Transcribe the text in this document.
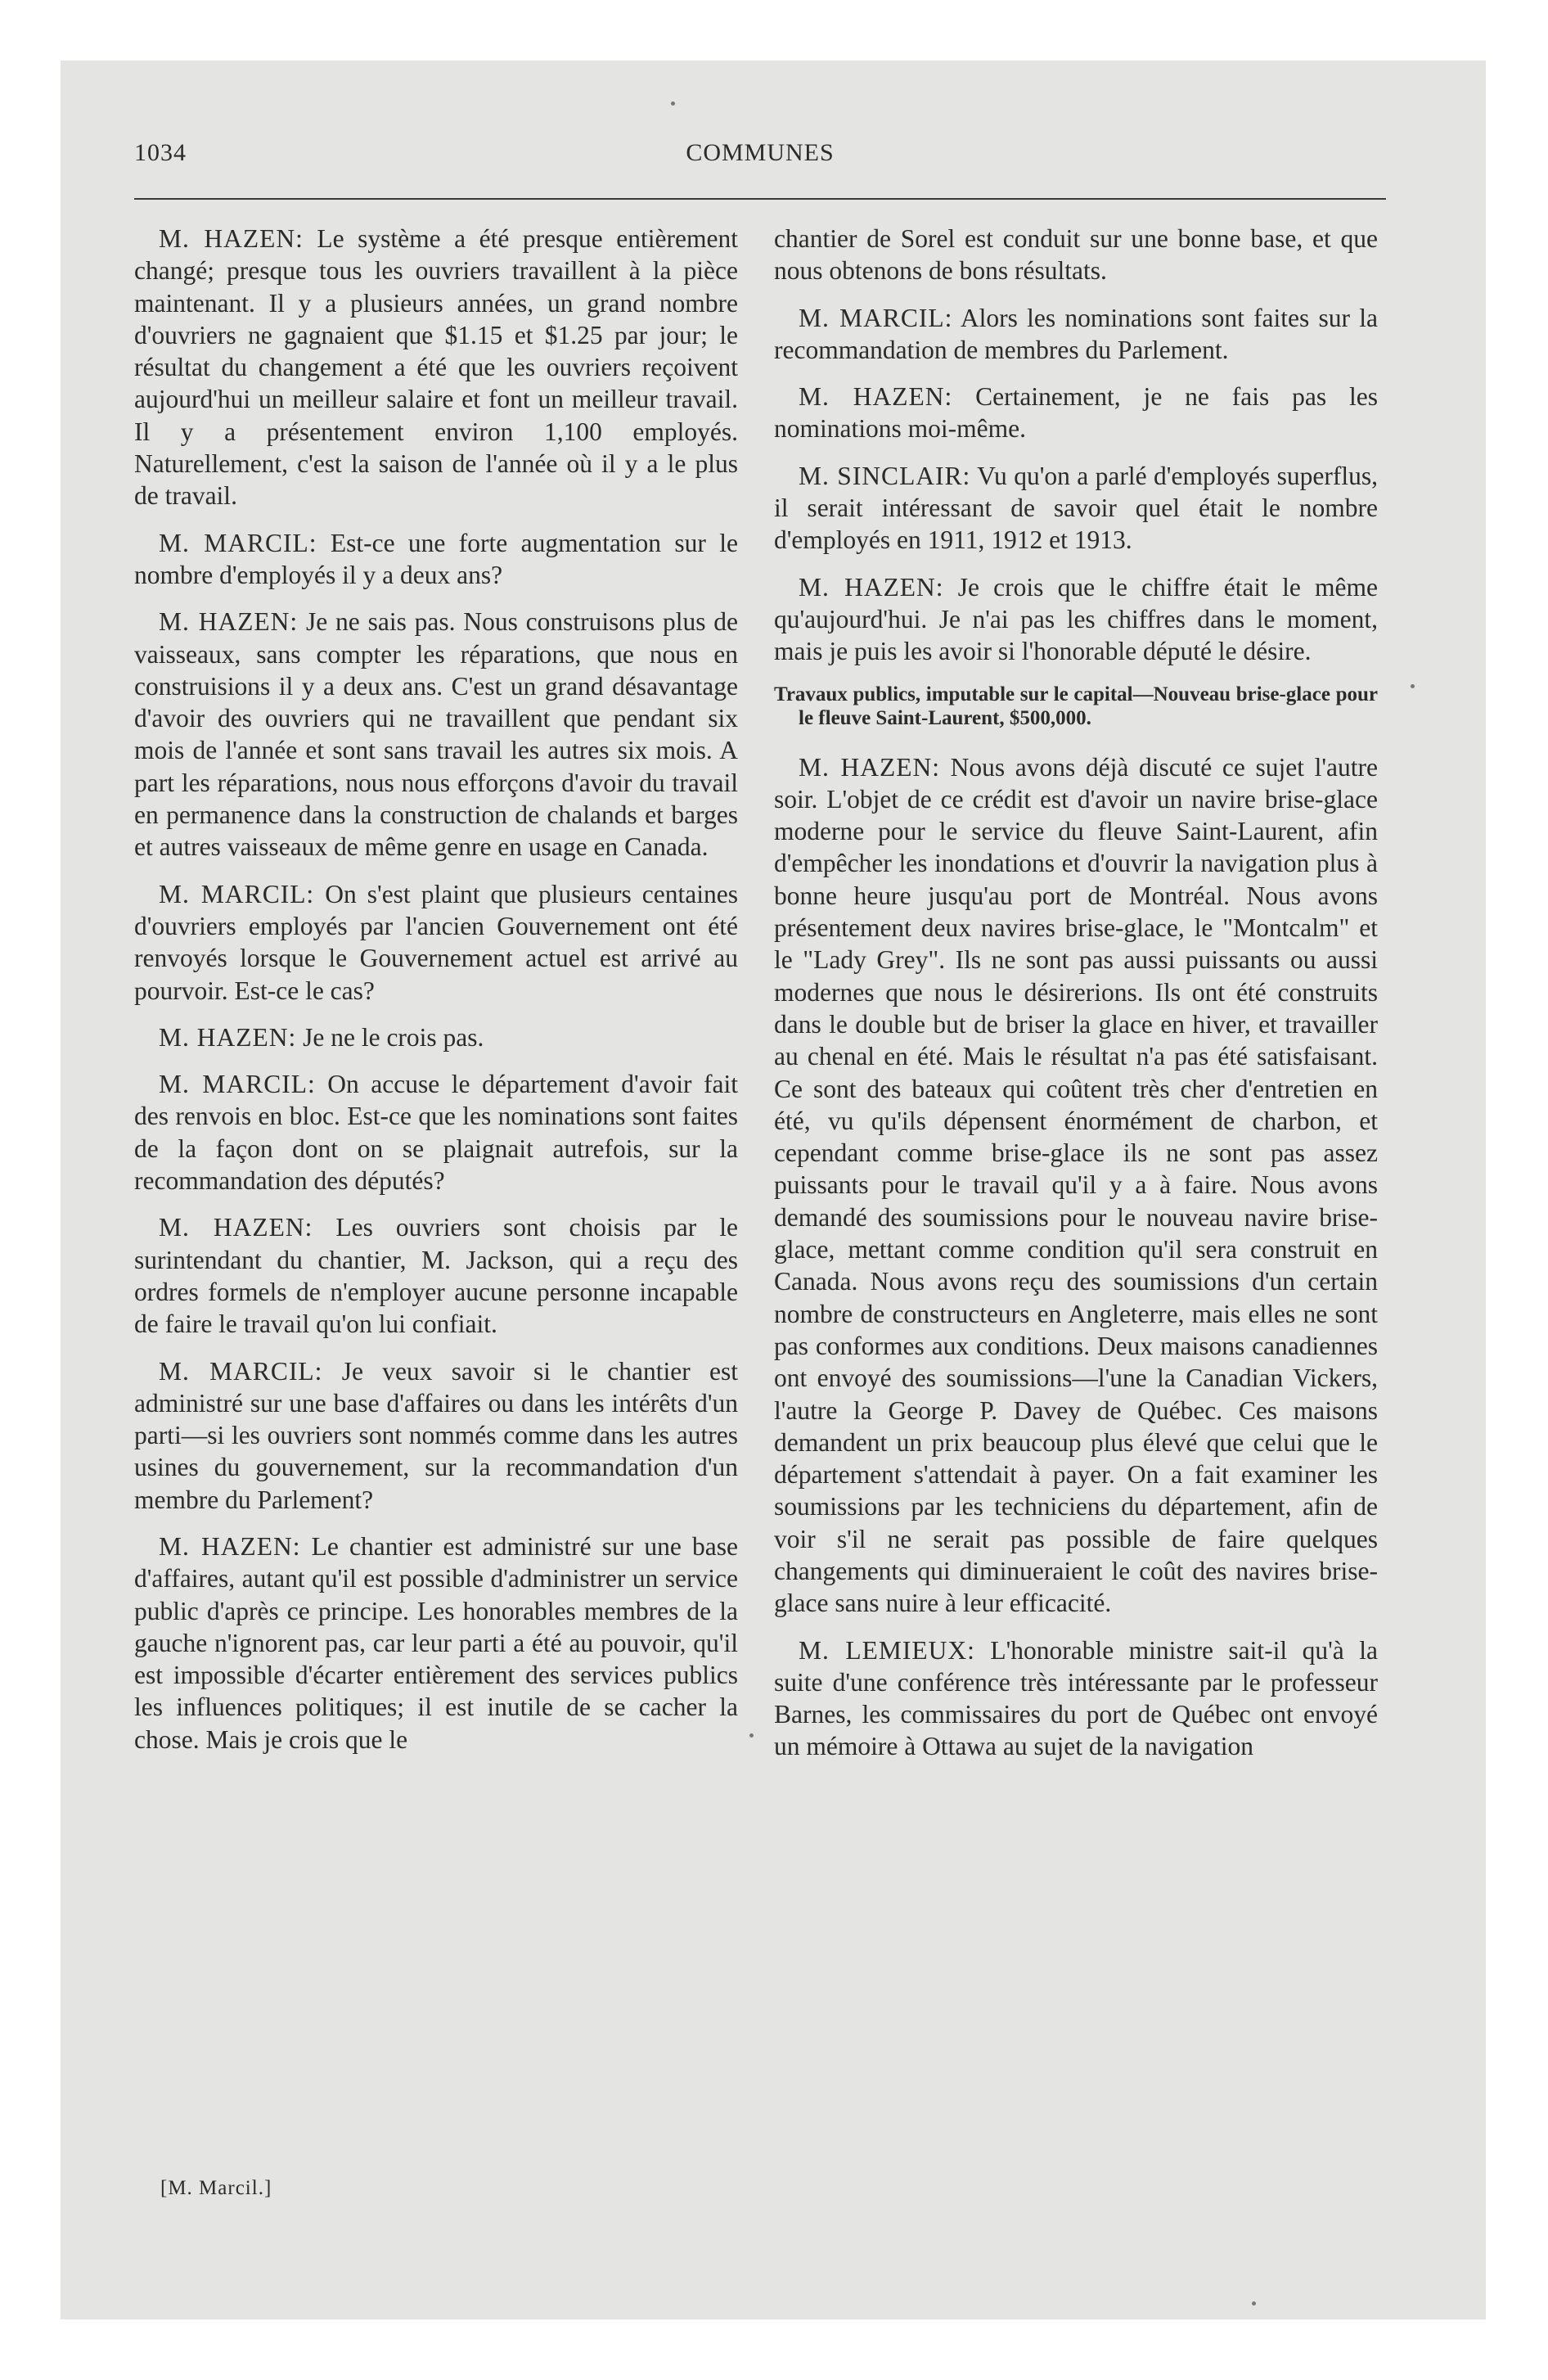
1034	COMMUNES

M. HAZEN: Le système a été presque entièrement changé; presque tous les ouvriers travaillent à la pièce maintenant. Il y a plusieurs années, un grand nombre d'ouvriers ne gagnaient que $1.15 et $1.25 par jour; le résultat du changement a été que les ouvriers reçoivent aujourd'hui un meilleur salaire et font un meilleur travail. Il y a présentement environ 1,100 employés. Naturellement, c'est la saison de l'année où il y a le plus de travail.

M. MARCIL: Est-ce une forte augmentation sur le nombre d'employés il y a deux ans?

M. HAZEN: Je ne sais pas. Nous construisons plus de vaisseaux, sans compter les réparations, que nous en construisions il y a deux ans. C'est un grand désavantage d'avoir des ouvriers qui ne travaillent que pendant six mois de l'année et sont sans travail les autres six mois. A part les réparations, nous nous efforçons d'avoir du travail en permanence dans la construction de chalands et barges et autres vaisseaux de même genre en usage en Canada.

M. MARCIL: On s'est plaint que plusieurs centaines d'ouvriers employés par l'ancien Gouvernement ont été renvoyés lorsque le Gouvernement actuel est arrivé au pourvoir. Est-ce le cas?

M. HAZEN: Je ne le crois pas.

M. MARCIL: On accuse le département d'avoir fait des renvois en bloc. Est-ce que les nominations sont faites de la façon dont on se plaignait autrefois, sur la recommandation des députés?

M. HAZEN: Les ouvriers sont choisis par le surintendant du chantier, M. Jackson, qui a reçu des ordres formels de n'employer aucune personne incapable de faire le travail qu'on lui confiait.

M. MARCIL: Je veux savoir si le chantier est administré sur une base d'affaires ou dans les intérêts d'un parti—si les ouvriers sont nommés comme dans les autres usines du gouvernement, sur la recommandation d'un membre du Parlement?

M. HAZEN: Le chantier est administré sur une base d'affaires, autant qu'il est possible d'administrer un service public d'après ce principe. Les honorables membres de la gauche n'ignorent pas, car leur parti a été au pouvoir, qu'il est impossible d'écarter entièrement des services publics les influences politiques; il est inutile de se cacher la chose. Mais je crois que le

chantier de Sorel est conduit sur une bonne base, et que nous obtenons de bons résultats.

M. MARCIL: Alors les nominations sont faites sur la recommandation de membres du Parlement.

M. HAZEN: Certainement, je ne fais pas les nominations moi-même.

M. SINCLAIR: Vu qu'on a parlé d'employés superflus, il serait intéressant de savoir quel était le nombre d'employés en 1911, 1912 et 1913.

M. HAZEN: Je crois que le chiffre était le même qu'aujourd'hui. Je n'ai pas les chiffres dans le moment, mais je puis les avoir si l'honorable député le désire.

Travaux publics, imputable sur le capital—Nouveau brise-glace pour le fleuve Saint-Laurent, $500,000.

M. HAZEN: Nous avons déjà discuté ce sujet l'autre soir. L'objet de ce crédit est d'avoir un navire brise-glace moderne pour le service du fleuve Saint-Laurent, afin d'empêcher les inondations et d'ouvrir la navigation plus à bonne heure jusqu'au port de Montréal. Nous avons présentement deux navires brise-glace, le "Montcalm" et le "Lady Grey". Ils ne sont pas aussi puissants ou aussi modernes que nous le désirerions. Ils ont été construits dans le double but de briser la glace en hiver, et travailler au chenal en été. Mais le résultat n'a pas été satisfaisant. Ce sont des bateaux qui coûtent très cher d'entretien en été, vu qu'ils dépensent énormément de charbon, et cependant comme brise-glace ils ne sont pas assez puissants pour le travail qu'il y a à faire. Nous avons demandé des soumissions pour le nouveau navire brise-glace, mettant comme condition qu'il sera construit en Canada. Nous avons reçu des soumissions d'un certain nombre de constructeurs en Angleterre, mais elles ne sont pas conformes aux conditions. Deux maisons canadiennes ont envoyé des soumissions—l'une la Canadian Vickers, l'autre la George P. Davey de Québec. Ces maisons demandent un prix beaucoup plus élevé que celui que le département s'attendait à payer. On a fait examiner les soumissions par les techniciens du département, afin de voir s'il ne serait pas possible de faire quelques changements qui diminueraient le coût des navires brise-glace sans nuire à leur efficacité.

M. LEMIEUX: L'honorable ministre sait-il qu'à la suite d'une conférence très intéressante par le professeur Barnes, les commissaires du port de Québec ont envoyé un mémoire à Ottawa au sujet de la navigation

[M. Marcil.]
